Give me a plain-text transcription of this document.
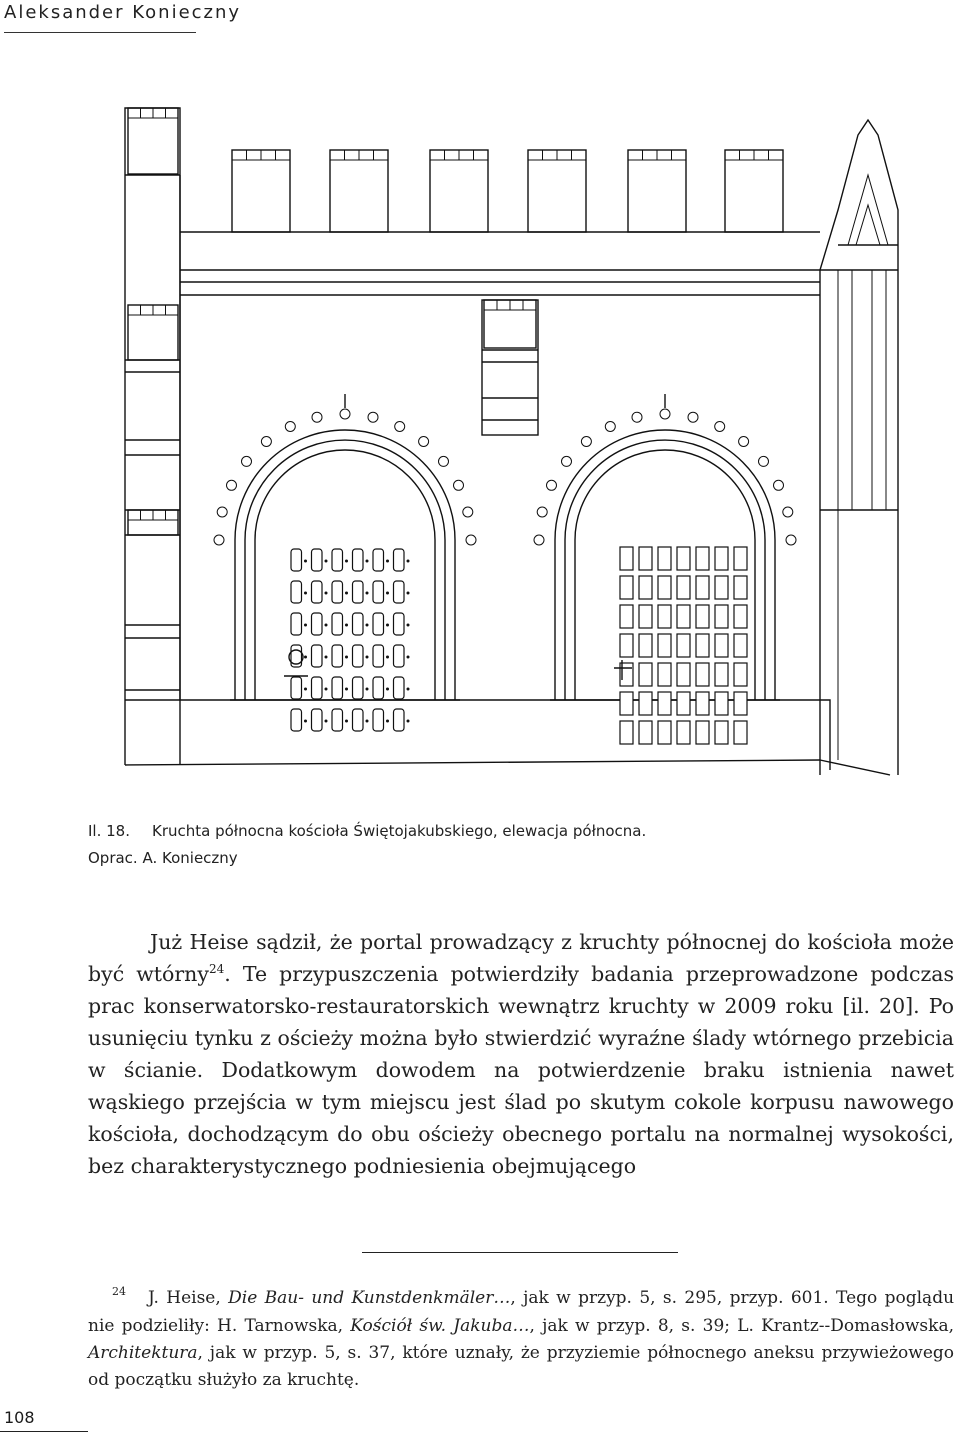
Aleksander Konieczny
Il. 18. Kruchta północna kościoła Świętojakubskiego, elewacja północna.
Oprac. A. Konieczny

Już Heise sądził, że portal prowadzący z kruchty północnej do kościoła może być wtórny$^{24}$. Te przypuszczenia potwierdziły badania przeprowadzone podczas prac konserwatorsko-restauratorskich wewnątrz kruchty w 2009 roku [il. 20]. Po usunięciu tynku z ościeży można było stwierdzić wyraźne ślady wtórnego przebicia w ścianie. Dodatkowym dowodem na potwierdzenie braku istnienia nawet wąskiego przejścia w tym miejscu jest ślad po skutym cokole korpusu nawowego kościoła, dochodzącym do obu ościeży obecnego portalu na normalnej wysokości, bez charakterystycznego podniesienia obejmującego

$^{24}$ J. Heise, Die Bau- und Kunstdenkmäler…, jak w przyp. 5, s. 295, przyp. 601. Tego poglądu nie podzieliły: H. Tarnowska, Kościół św. Jakuba…, jak w przyp. 8, s. 39; L. Krantz--Domasłowska, Architektura, jak w przyp. 5, s. 37, które uznały, że przyziemie północnego aneksu przywieżowego od początku służyło za kruchtę.

108
